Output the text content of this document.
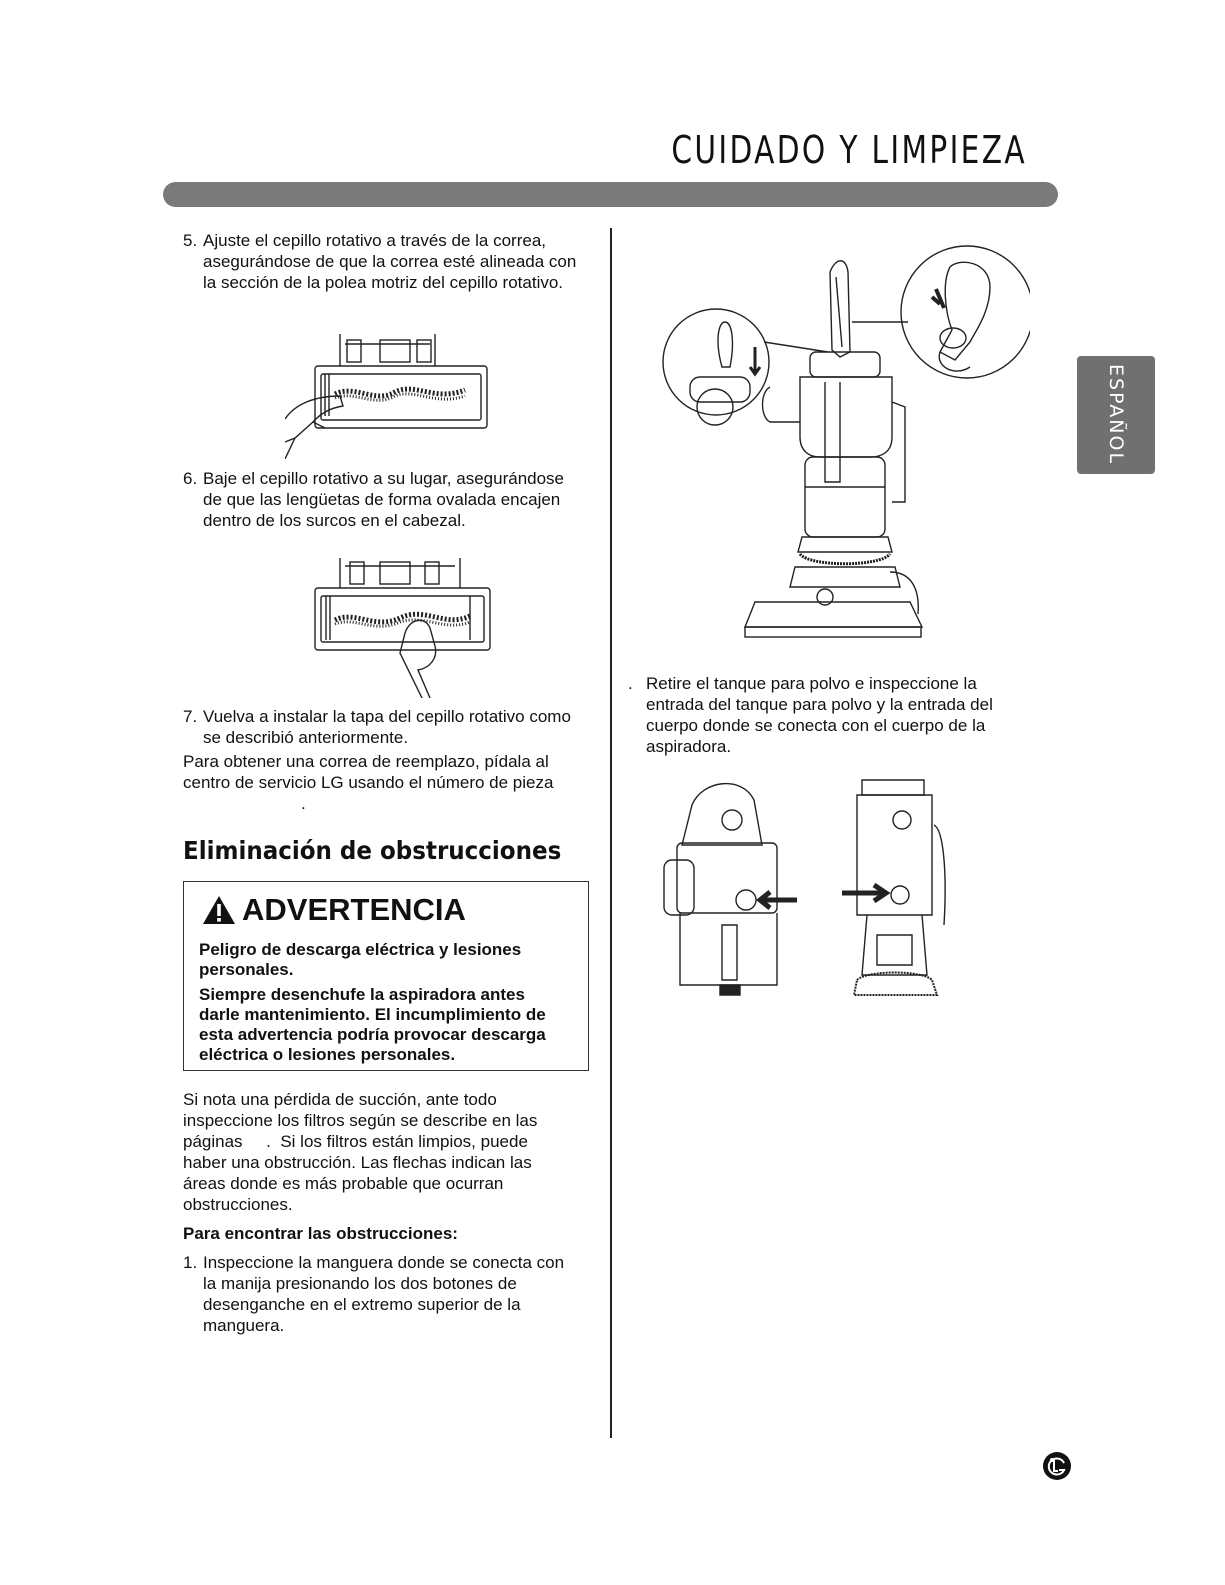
CUIDADO Y LIMPIEZA
ESPAÑOL
5. Ajuste el cepillo rotativo a través de la correa,
asegurándose de que la correa esté alineada con
la sección de la polea motriz del cepillo rotativo.
6. Baje el cepillo rotativo a su lugar, asegurándose
de que las lengüetas de forma ovalada encajen
dentro de los surcos en el cabezal.
7. Vuelva a instalar la tapa del cepillo rotativo como
se describió anteriormente.
Para obtener una correa de reemplazo, pídala al
centro de servicio LG usando el número de pieza
.
Eliminación de obstrucciones
ADVERTENCIA
Peligro de descarga eléctrica y lesiones
personales.
Siempre desenchufe la aspiradora antes
darle mantenimiento. El incumplimiento de
esta advertencia podría provocar descarga
eléctrica o lesiones personales.
Si nota una pérdida de succión, ante todo
inspeccione los filtros según se describe en las
páginas     .  Si los filtros están limpios, puede
haber una obstrucción. Las flechas indican las
áreas donde es más probable que ocurran
obstrucciones.

Para encontrar las obstrucciones:

1. Inspeccione la manguera donde se conecta con
la manija presionando los dos botones de
desenganche en el extremo superior de la
manguera.
. Retire el tanque para polvo e inspeccione la
entrada del tanque para polvo y la entrada del
cuerpo donde se conecta con el cuerpo de la
aspiradora.
